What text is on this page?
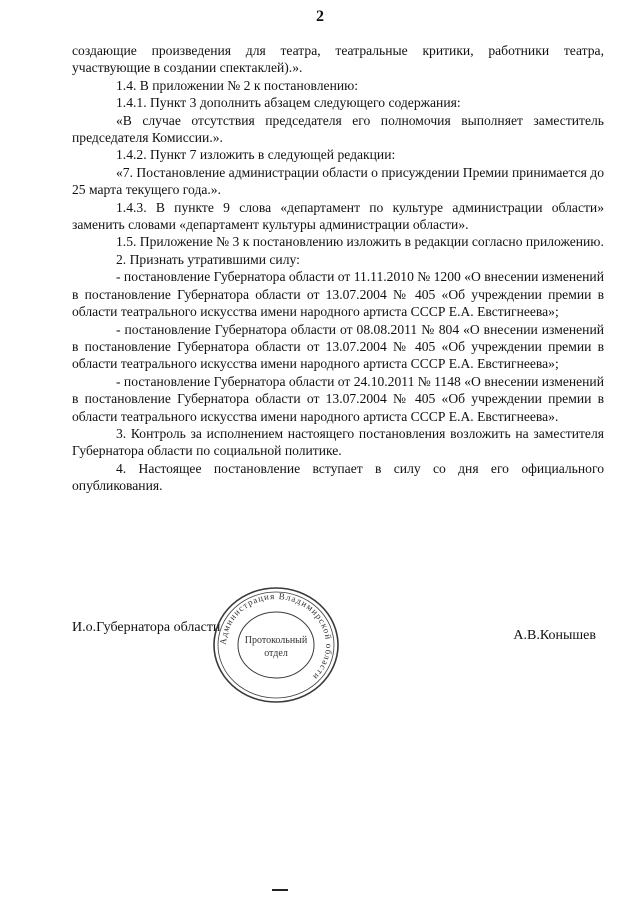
2

создающие произведения для театра, театральные критики, работники театра, участвующие в создании спектаклей).».

1.4. В приложении № 2 к постановлению:

1.4.1. Пункт 3 дополнить абзацем следующего содержания:

«В случае отсутствия председателя его полномочия выполняет заместитель председателя Комиссии.».

1.4.2. Пункт 7 изложить в следующей редакции:

«7. Постановление администрации области о присуждении Премии принимается до 25 марта текущего года.».

1.4.3. В пункте 9 слова «департамент по культуре администрации области» заменить словами «департамент культуры администрации области».

1.5. Приложение № 3 к постановлению изложить в редакции согласно приложению.

2. Признать утратившими силу:

- постановление Губернатора области от 11.11.2010 № 1200 «О внесении изменений в постановление Губернатора области от 13.07.2004 № 405 «Об учреждении премии в области театрального искусства имени народного артиста СССР Е.А. Евстигнеева»;

- постановление Губернатора области от 08.08.2011 № 804 «О внесении изменений в постановление Губернатора области от 13.07.2004 № 405 «Об учреждении премии в области театрального искусства имени народного артиста СССР Е.А. Евстигнеева»;

- постановление Губернатора области от 24.10.2011 № 1148 «О внесении изменений в постановление Губернатора области от 13.07.2004 № 405 «Об учреждении премии в области театрального искусства имени народного артиста СССР Е.А. Евстигнеева».

3. Контроль за исполнением настоящего постановления возложить на заместителя Губернатора области по социальной политике.

4. Настоящее постановление вступает в силу со дня его официального опубликования.

И.о.Губернатора области
А.В.Конышев
Администрация Владимирской области
Протокольный
отдел
